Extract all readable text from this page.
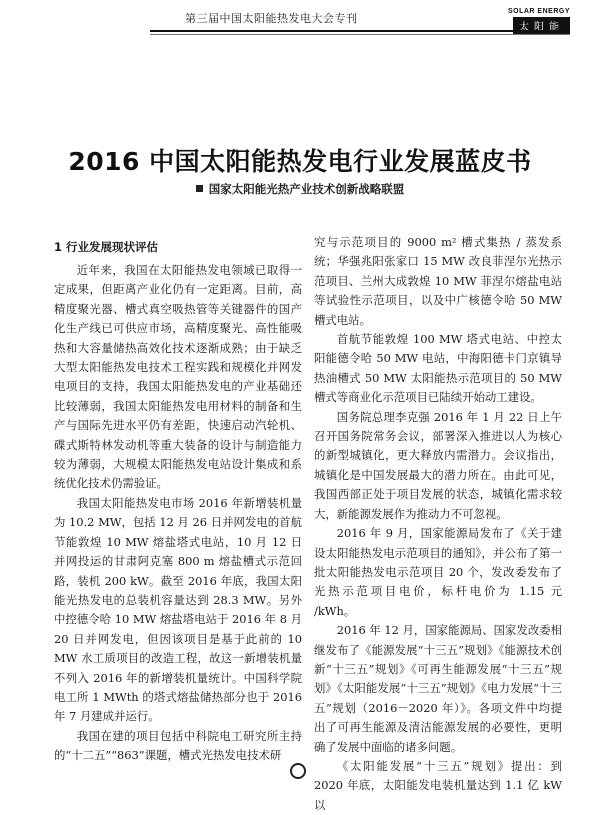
第三届中国太阳能热发电大会专刊
SOLAR ENERGY
太阳能
2016 中国太阳能热发电行业发展蓝皮书
国家太阳能光热产业技术创新战略联盟
1 行业发展现状评估

近年来，我国在太阳能热发电领域已取得一定成果，但距离产业化仍有一定距离。目前，高精度聚光器、槽式真空吸热管等关键器件的国产化生产线已可供应市场，高精度聚光、高性能吸热和大容量储热高效化技术逐渐成熟；由于缺乏大型太阳能热发电技术工程实践和规模化并网发电项目的支持，我国太阳能热发电的产业基础还比较薄弱，我国太阳能热发电用材料的制备和生产与国际先进水平仍有差距，快速启动汽轮机、碟式斯特林发动机等重大装备的设计与制造能力较为薄弱，大规模太阳能热发电站设计集成和系统优化技术仍需验证。

我国太阳能热发电市场 2016 年新增装机量为 10.2 MW，包括 12 月 26 日并网发电的首航节能敦煌 10 MW 熔盐塔式电站，10 月 12 日并网投运的甘肃阿克塞 800 m 熔盐槽式示范回路，装机 200 kW。截至 2016 年底，我国太阳能光热发电的总装机容量达到 28.3 MW。另外中控德令哈 10 MW 熔盐塔电站于 2016 年 8 月 20 日并网发电，但因该项目是基于此前的 10 MW 水工质项目的改造工程，故这一新增装机量不列入 2016 年的新增装机量统计。中国科学院电工所 1 MWth 的塔式熔盐储热部分也于 2016 年 7 月建成并运行。

我国在建的项目包括中科院电工研究所主持的“十二五”“863”课题，槽式光热发电技术研

究与示范项目的 9000 m² 槽式集热 / 蒸发系统；华强兆阳张家口 15 MW 改良菲涅尔光热示范项目、兰州大成敦煌 10 MW 菲涅尔熔盐电站等试验性示范项目，以及中广核德令哈 50 MW 槽式电站。

首航节能敦煌 100 MW 塔式电站、中控太阳能德令哈 50 MW 电站，中海阳德卡门京镇导热油槽式 50 MW 太阳能热示范项目的 50 MW 槽式等商业化示范项目已陆续开始动工建设。

国务院总理李克强 2016 年 1 月 22 日上午召开国务院常务会议，部署深入推进以人为核心的新型城镇化，更大释放内需潜力。会议指出，城镇化是中国发展最大的潜力所在。由此可见，我国西部正处于项目发展的状态，城镇化需求较大，新能源发展作为推动力不可忽视。

2016 年 9 月，国家能源局发布了《关于建设太阳能热发电示范项目的通知》，并公布了第一批太阳能热发电示范项目 20 个，发改委发布了光热示范项目电价，标杆电价为 1.15 元 /kWh。

2016 年 12 月，国家能源局、国家发改委相继发布了《能源发展“十三五”规划》《能源技术创新“十三五”规划》《可再生能源发展“十三五”规划》《太阳能发展“十三五”规划》《电力发展“十三五”规划（2016－2020 年）》。各项文件中均提出了可再生能源及清洁能源发展的必要性，更明确了发展中面临的诸多问题。

《太阳能发展“十三五”规划》提出：到 2020 年底，太阳能发电装机量达到 1.1 亿 kW 以
